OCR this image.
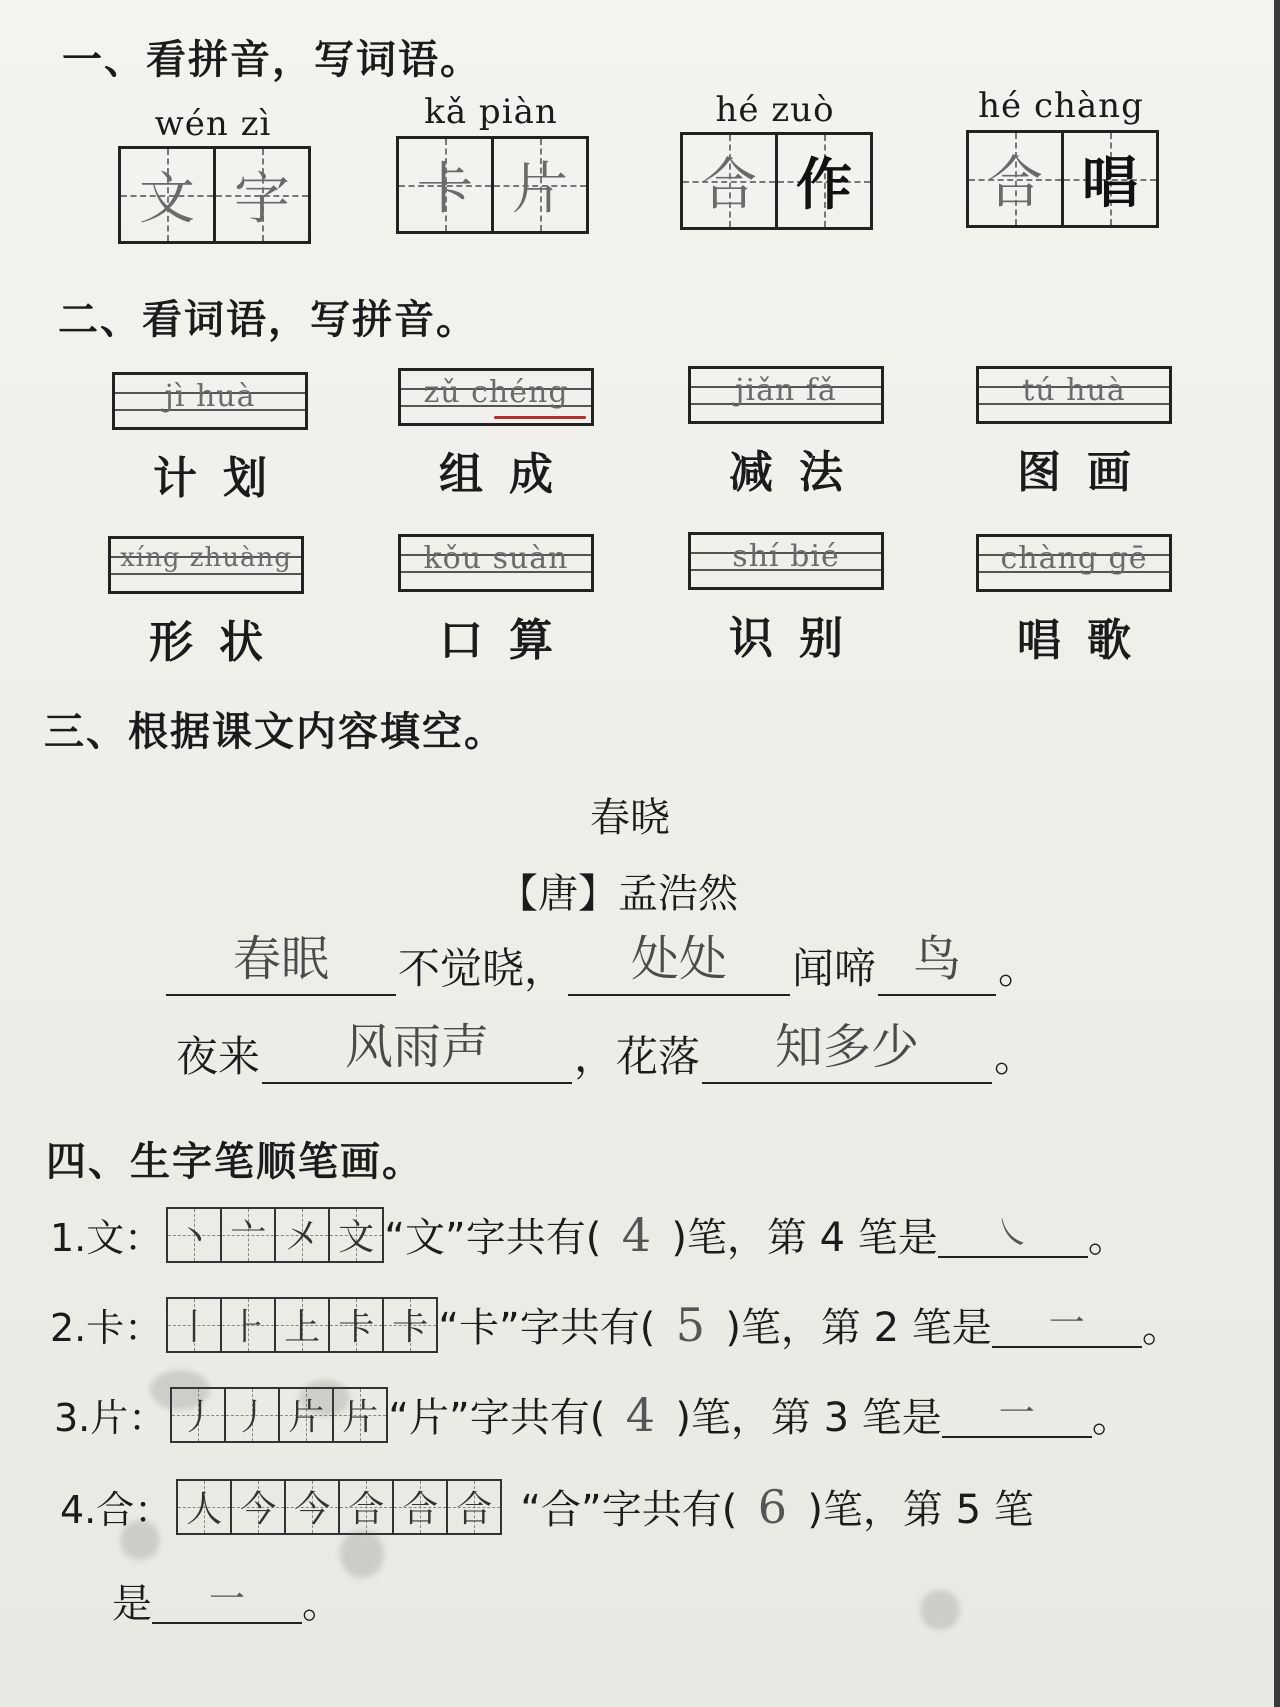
一、看拼音，写词语。
wén zì
文 字
kǎ piàn
卡 片
hé zuò
合 作
hé chàng
合 唱
二、看词语，写拼音。
jì huà
计划
zǔ chéng
组成
jiǎn fǎ
减法
tú huà
图画
xíng zhuàng
形状
kǒu suàn
口算
shí bié
识别
chàng gē
唱歌
三、根据课文内容填空。
春晓
【唐】孟浩然
春眠	不觉晓，	处处	闻啼 鸟 。
夜来	风雨声	，花落	知多少	。
四、生字笔顺笔画。
1.文： 丶 亠 㐅 文 “文”字共有( 4 )笔，第 4 笔是	㇏	。
2.卡： 丨 ⺊ 上 卡 卡 “卡”字共有( 5 )笔，第 2 笔是	一	。
3.片： 丿 丿 片 片 “片”字共有( 4 )笔，第 3 笔是	一	。
4.合： 人 今 今 合 合 合 “合”字共有( 6 )笔，第 5 笔
是	一	。
